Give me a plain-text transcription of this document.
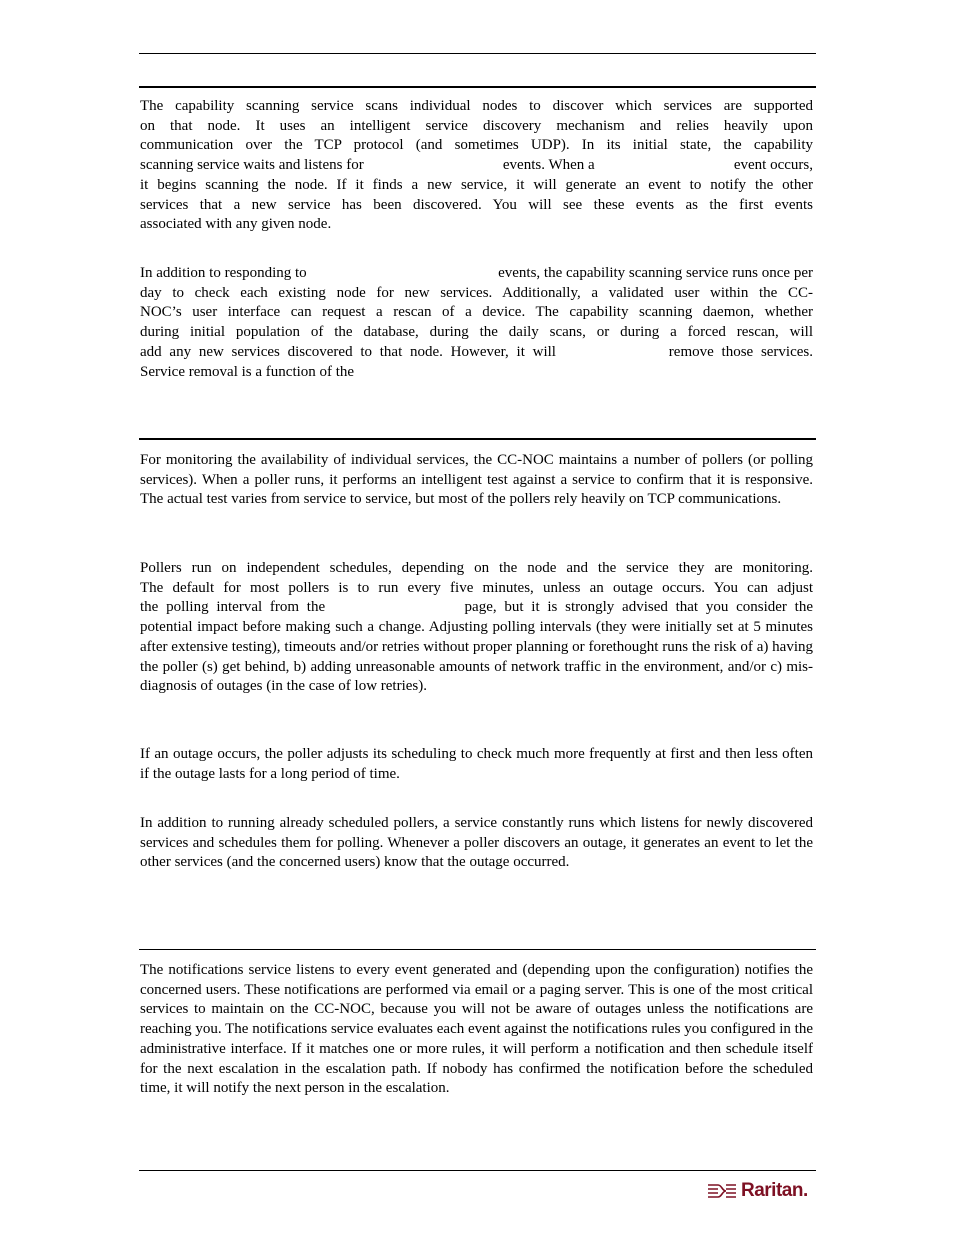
The capability scanning service scans individual nodes to discover which services are supported
on that node. It uses an intelligent service discovery mechanism and relies heavily upon
communication over the TCP protocol (and sometimes UDP). In its initial state, the capability
scanning service waits and listens for	events. When a	event occurs,
it begins scanning the node. If it finds a new service, it will generate an event to notify the other
services that a new service has been discovered. You will see these events as the first events
associated with any given node.
In addition to responding to	events, the capability scanning service runs once per
day to check each existing node for new services. Additionally, a validated user within the CC-
NOC’s user interface can request a rescan of a device. The capability scanning daemon, whether
during initial population of the database, during the daily scans, or during a forced rescan, will
add any new services discovered to that node. However, it will	remove those services.
Service removal is a function of the

For monitoring the availability of individual services, the CC-NOC maintains a number of pollers (or polling services). When a poller runs, it performs an intelligent test against a service to confirm that it is responsive. The actual test varies from service to service, but most of the pollers rely heavily on TCP communications.

Pollers run on independent schedules, depending on the node and the service they are monitoring.
The default for most pollers is to run every five minutes, unless an outage occurs. You can adjust
the polling interval from the	page, but it is strongly advised that you consider the
potential impact before making such a change. Adjusting polling intervals (they were initially set at 5 minutes after extensive testing), timeouts and/or retries without proper planning or forethought runs the risk of a) having the poller (s) get behind, b) adding unreasonable amounts of network traffic in the environment, and/or c) mis-diagnosis of outages (in the case of low retries).

If an outage occurs, the poller adjusts its scheduling to check much more frequently at first and then less often if the outage lasts for a long period of time.

In addition to running already scheduled pollers, a service constantly runs which listens for newly discovered services and schedules them for polling. Whenever a poller discovers an outage, it generates an event to let the other services (and the concerned users) know that the outage occurred.

The notifications service listens to every event generated and (depending upon the configuration) notifies the concerned users. These notifications are performed via email or a paging server. This is one of the most critical services to maintain on the CC-NOC, because you will not be aware of outages unless the notifications are reaching you. The notifications service evaluates each event against the notifications rules you configured in the administrative interface. If it matches one or more rules, it will perform a notification and then schedule itself for the next escalation in the escalation path. If nobody has confirmed the notification before the scheduled time, it will notify the next person in the escalation.

Raritan.
